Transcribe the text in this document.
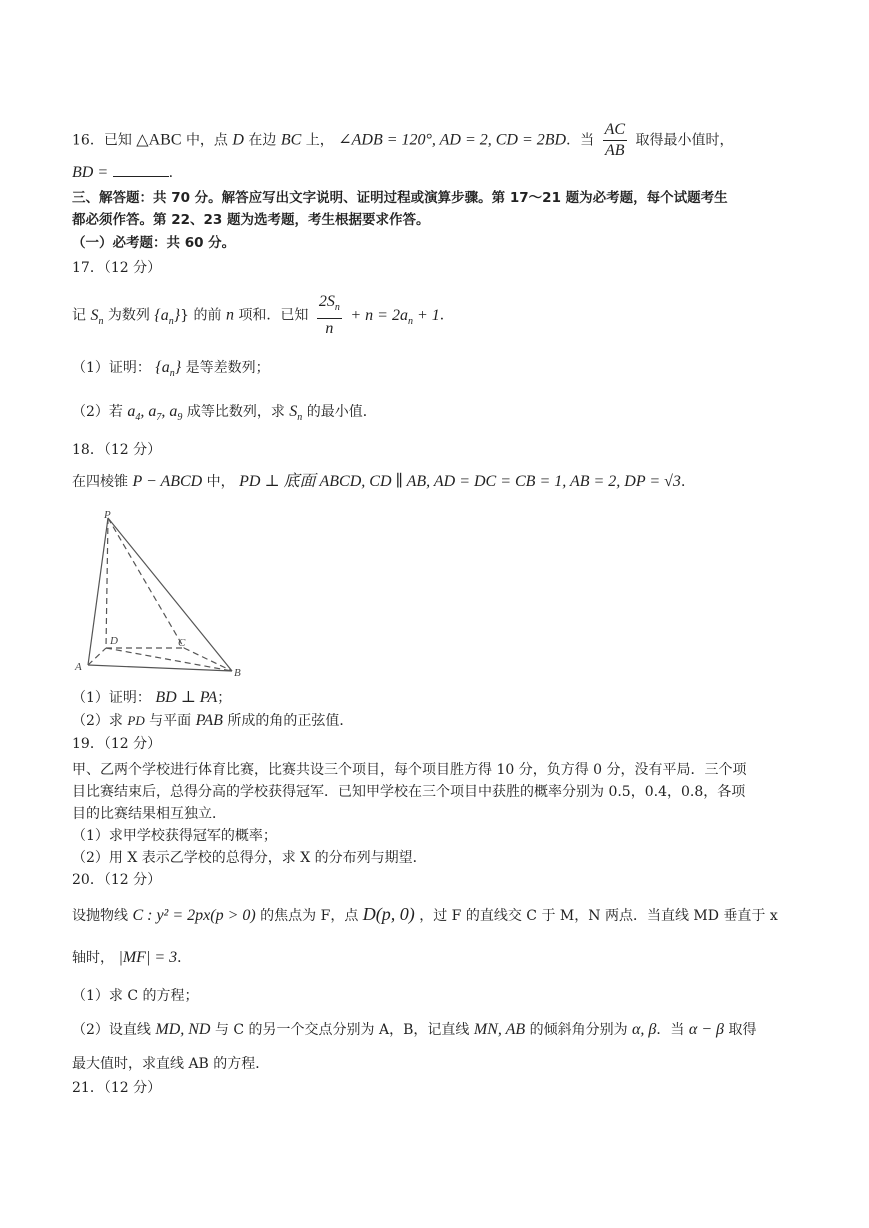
16．已知 △ABC 中，点 D 在边 BC 上， ∠ADB = 120°, AD = 2, CD = 2BD．当 $\frac{AC}{AB}$ 取得最小值时，
BD =	.
三、解答题：共 70 分。解答应写出文字说明、证明过程或演算步骤。第 17～21 题为必考题，每个试题考生
都必须作答。第 22、23 题为选考题，考生根据要求作答。
（一）必考题：共 60 分。
17．（12 分）
记 $S_n$ 为数列 $\{a_n\}$} 的前 n 项和．已知 $\frac{2S_n}{n} + n = 2a_n + 1$．
（1）证明： $\{a_n\}$ 是等差数列；
（2）若 $a_4$, $a_7$, $a_9$ 成等比数列，求 $S_n$ 的最小值．
18．（12 分）
在四棱锥 P − ABCD 中， PD ⊥ 底面 ABCD, CD ∥ AB, AD = DC = CB = 1, AB = 2, DP = √3．
P
A	B
C
D
（1）证明： BD ⊥ PA；
（2）求 PD 与平面 PAB 所成的角的正弦值．
19．（12 分）
甲、乙两个学校进行体育比赛，比赛共设三个项目，每个项目胜方得 10 分，负方得 0 分，没有平局．三个项
目比赛结束后，总得分高的学校获得冠军．已知甲学校在三个项目中获胜的概率分别为 0.5，0.4，0.8，各项
目的比赛结果相互独立．
（1）求甲学校获得冠军的概率；
（2）用 X 表示乙学校的总得分，求 X 的分布列与期望．
20．（12 分）
设抛物线 C : y² = 2px(p > 0) 的焦点为 F，点 D(p, 0) ，过 F 的直线交 C 于 M，N 两点．当直线 MD 垂直于 x
轴时， |MF| = 3．
（1）求 C 的方程；
（2）设直线 MD, ND 与 C 的另一个交点分别为 A，B，记直线 MN, AB 的倾斜角分别为 α, β．当 α − β 取得
最大值时，求直线 AB 的方程．
21．（12 分）
